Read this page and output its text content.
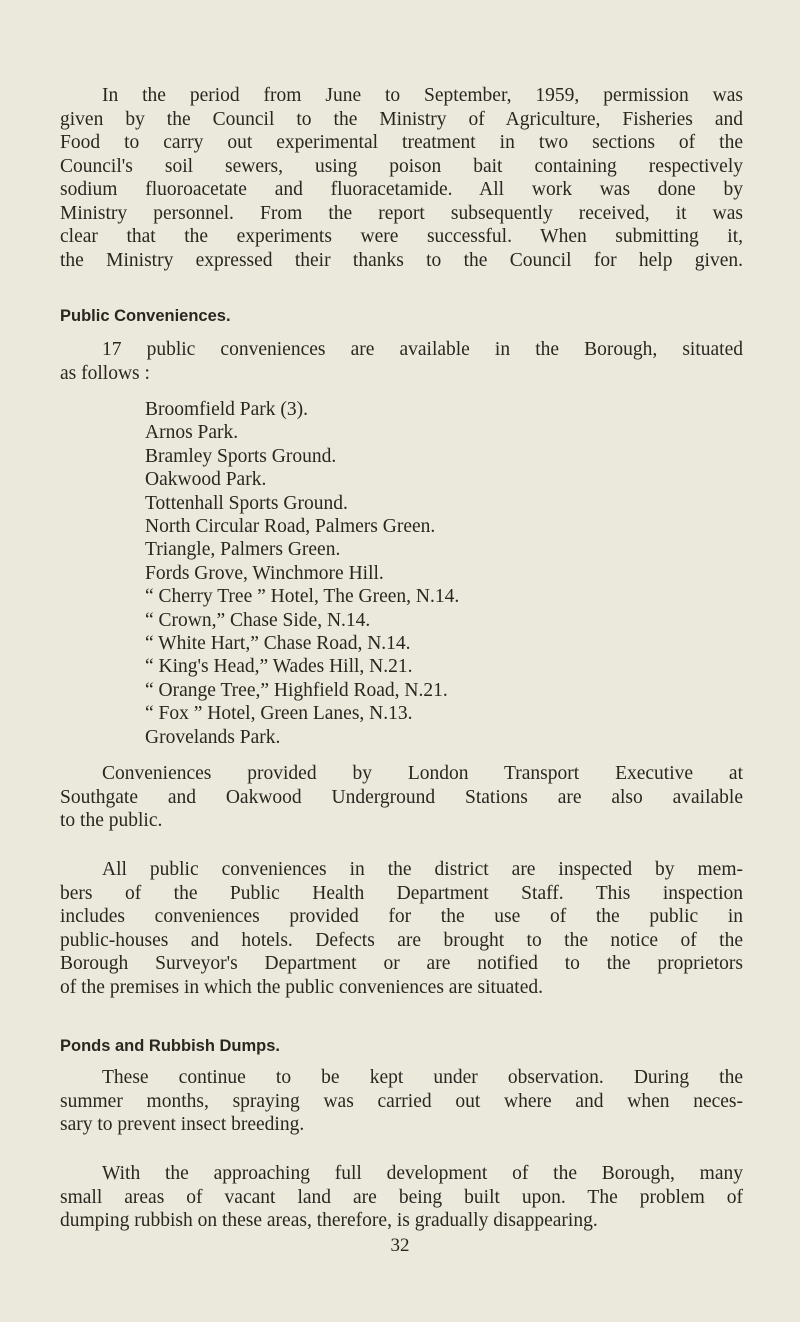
In the period from June to September, 1959, permission was
given by the Council to the Ministry of Agriculture, Fisheries and
Food to carry out experimental treatment in two sections of the
Council's soil sewers, using poison bait containing respectively
sodium fluoroacetate and fluoracetamide. All work was done by
Ministry personnel. From the report subsequently received, it was
clear that the experiments were successful. When submitting it,
the Ministry expressed their thanks to the Council for help given.

Public Conveniences.

17 public conveniences are available in the Borough, situated
as follows :

Broomfield Park (3).
Arnos Park.
Bramley Sports Ground.
Oakwood Park.
Tottenhall Sports Ground.
North Circular Road, Palmers Green.
Triangle, Palmers Green.
Fords Grove, Winchmore Hill.
“ Cherry Tree ” Hotel, The Green, N.14.
“ Crown,” Chase Side, N.14.
“ White Hart,” Chase Road, N.14.
“ King's Head,” Wades Hill, N.21.
“ Orange Tree,” Highfield Road, N.21.
“ Fox ” Hotel, Green Lanes, N.13.
Grovelands Park.

Conveniences provided by London Transport Executive at
Southgate and Oakwood Underground Stations are also available
to the public.

All public conveniences in the district are inspected by mem-
bers of the Public Health Department Staff. This inspection
includes conveniences provided for the use of the public in
public-houses and hotels. Defects are brought to the notice of the
Borough Surveyor's Department or are notified to the proprietors
of the premises in which the public conveniences are situated.

Ponds and Rubbish Dumps.

These continue to be kept under observation. During the
summer months, spraying was carried out where and when neces-
sary to prevent insect breeding.

With the approaching full development of the Borough, many
small areas of vacant land are being built upon. The problem of
dumping rubbish on these areas, therefore, is gradually disappearing.

32
